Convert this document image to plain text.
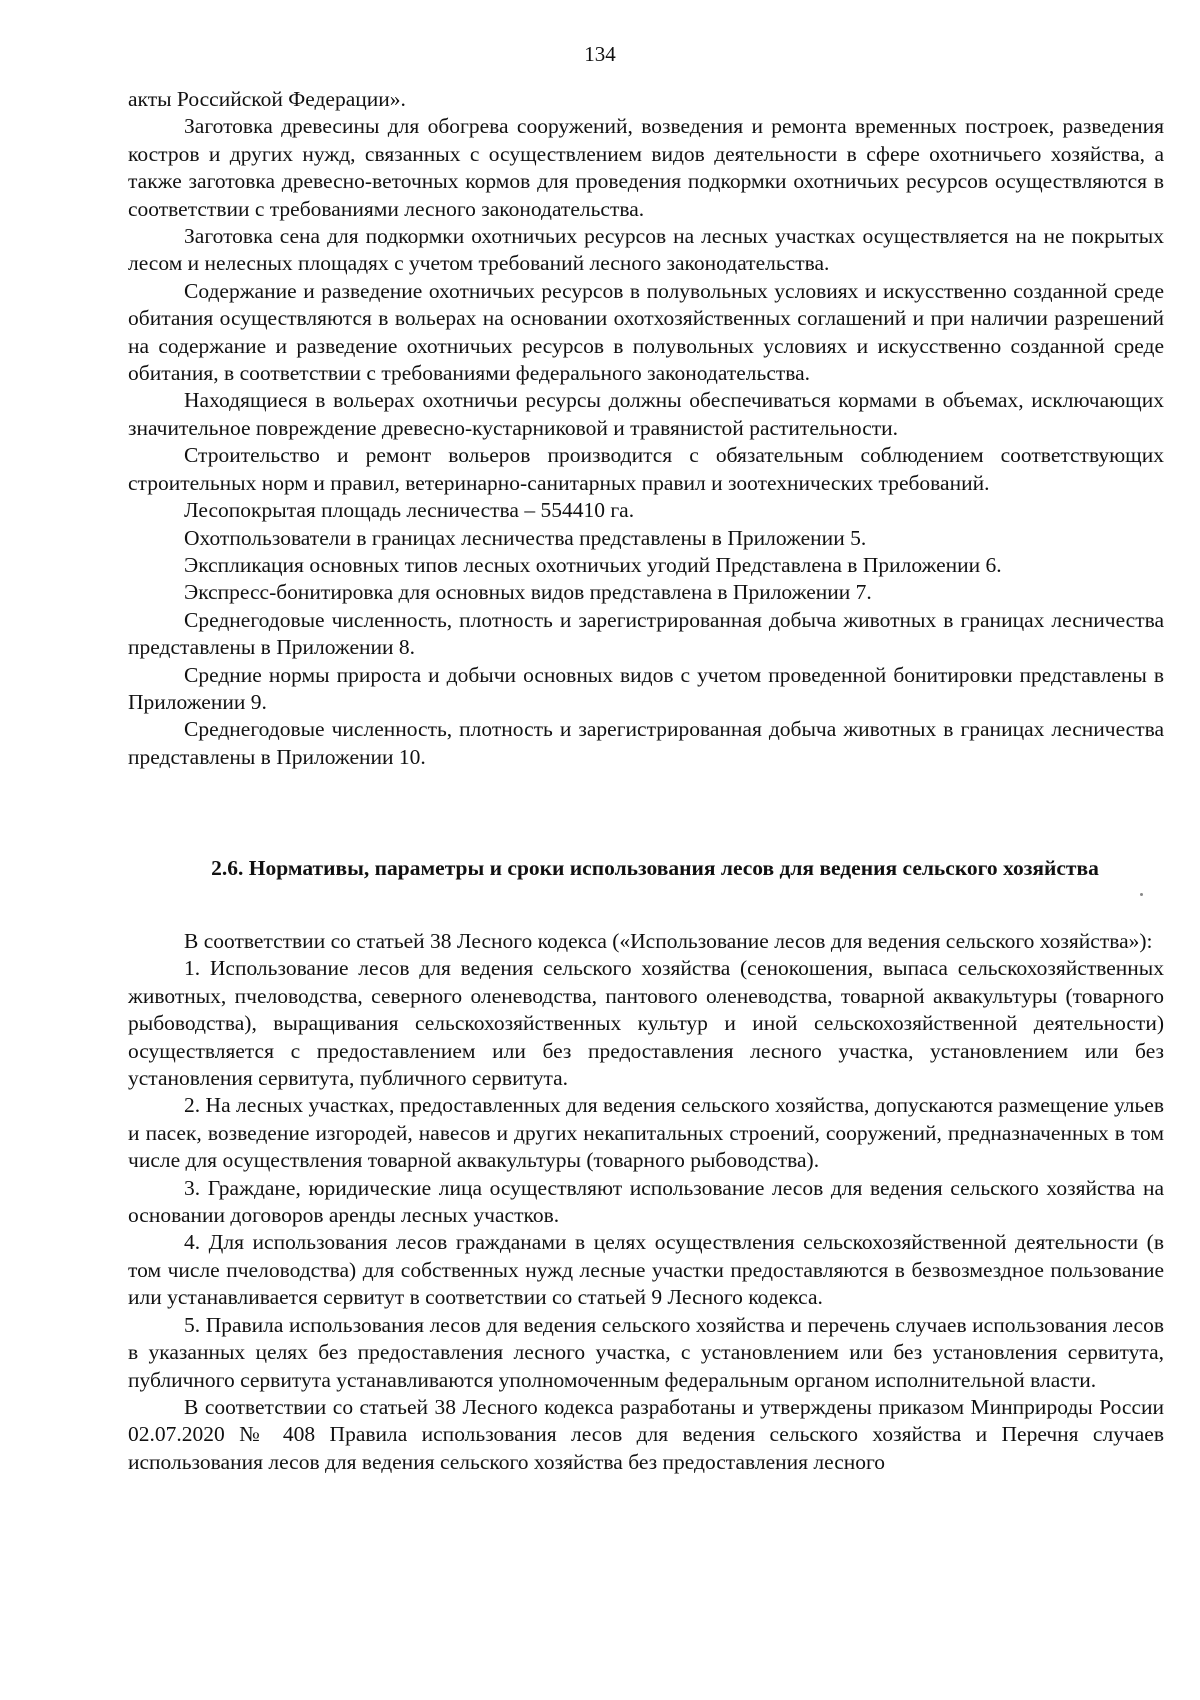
134

акты Российской Федерации».

Заготовка древесины для обогрева сооружений, возведения и ремонта временных построек, разведения костров и других нужд, связанных с осуществлением видов деятельности в сфере охотничьего хозяйства, а также заготовка древесно-веточных кормов для проведения подкормки охотничьих ресурсов осуществляются в соответствии с требованиями лесного законодательства.

Заготовка сена для подкормки охотничьих ресурсов на лесных участках осуществляется на не покрытых лесом и нелесных площадях с учетом требований лесного законодательства.

Содержание и разведение охотничьих ресурсов в полувольных условиях и искусственно созданной среде обитания осуществляются в вольерах на основании охотхозяйственных соглашений и при наличии разрешений на содержание и разведение охотничьих ресурсов в полувольных условиях и искусственно созданной среде обитания, в соответствии с требованиями федерального законодательства.

Находящиеся в вольерах охотничьи ресурсы должны обеспечиваться кормами в объемах, исключающих значительное повреждение древесно-кустарниковой и травянистой растительности.

Строительство и ремонт вольеров производится с обязательным соблюдением соответствующих строительных норм и правил, ветеринарно-санитарных правил и зоотехнических требований.

Лесопокрытая площадь лесничества – 554410 га.

Охотпользователи в границах лесничества представлены в Приложении 5.

Экспликация основных типов лесных охотничьих угодий Представлена в Приложении 6.

Экспресс-бонитировка для основных видов представлена в Приложении 7.

Среднегодовые численность, плотность и зарегистрированная добыча животных в границах лесничества представлены в Приложении 8.

Средние нормы прироста и добычи основных видов с учетом проведенной бонитировки представлены в Приложении 9.

Среднегодовые численность, плотность и зарегистрированная добыча животных в границах лесничества представлены в Приложении 10.

2.6. Нормативы, параметры и сроки использования лесов для ведения сельского хозяйства

В соответствии со статьей 38 Лесного кодекса («Использование лесов для ведения сельского хозяйства»):

1. Использование лесов для ведения сельского хозяйства (сенокошения, выпаса сельскохозяйственных животных, пчеловодства, северного оленеводства, пантового оленеводства, товарной аквакультуры (товарного рыбоводства), выращивания сельскохозяйственных культур и иной сельскохозяйственной деятельности) осуществляется с предоставлением или без предоставления лесного участка, установлением или без установления сервитута, публичного сервитута.

2. На лесных участках, предоставленных для ведения сельского хозяйства, допускаются размещение ульев и пасек, возведение изгородей, навесов и других некапитальных строений, сооружений, предназначенных в том числе для осуществления товарной аквакультуры (товарного рыбоводства).

3. Граждане, юридические лица осуществляют использование лесов для ведения сельского хозяйства на основании договоров аренды лесных участков.

4. Для использования лесов гражданами в целях осуществления сельскохозяйственной деятельности (в том числе пчеловодства) для собственных нужд лесные участки предоставляются в безвозмездное пользование или устанавливается сервитут в соответствии со статьей 9 Лесного кодекса.

5. Правила использования лесов для ведения сельского хозяйства и перечень случаев использования лесов в указанных целях без предоставления лесного участка, с установлением или без установления сервитута, публичного сервитута устанавливаются уполномоченным федеральным органом исполнительной власти.

В соответствии со статьей 38 Лесного кодекса разработаны и утверждены приказом Минприроды России 02.07.2020 № 408 Правила использования лесов для ведения сельского хозяйства и Перечня случаев использования лесов для ведения сельского хозяйства без предоставления лесного
